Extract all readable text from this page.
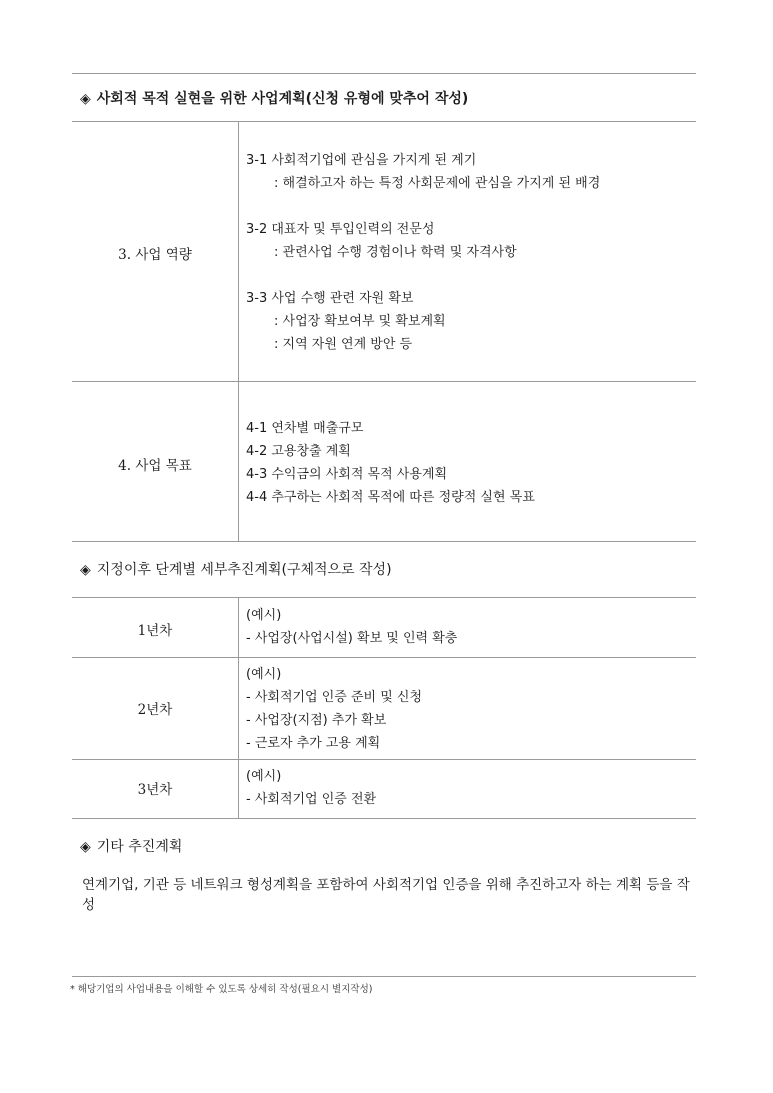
◈ 사회적 목적 실현을 위한 사업계획(신청 유형에 맞추어 작성)
3. 사업 역량
3-1 사회적기업에 관심을 가지게 된 계기
: 해결하고자 하는 특정 사회문제에 관심을 가지게 된 배경
3-2 대표자 및 투입인력의 전문성
: 관련사업 수행 경험이나 학력 및 자격사항
3-3 사업 수행 관련 자원 확보
: 사업장 확보여부 및 확보계획
: 지역 자원 연계 방안 등
4. 사업 목표
4-1 연차별 매출규모
4-2 고용창출 계획
4-3 수익금의 사회적 목적 사용계획
4-4 추구하는 사회적 목적에 따른 정량적 실현 목표
◈ 지정이후 단계별 세부추진계획(구체적으로 작성)
1년차
(예시)
- 사업장(사업시설) 확보 및 인력 확충
2년차
(예시)
- 사회적기업 인증 준비 및 신청
- 사업장(지점) 추가 확보
- 근로자 추가 고용 계획
3년차
(예시)
- 사회적기업 인증 전환
◈ 기타 추진계획
연계기업, 기관 등 네트워크 형성계획을 포함하여 사회적기업 인증을 위해 추진하고자 하는 계획 등을 작성
* 해당기업의 사업내용을 이해할 수 있도록 상세히 작성(필요시 별지작성)
